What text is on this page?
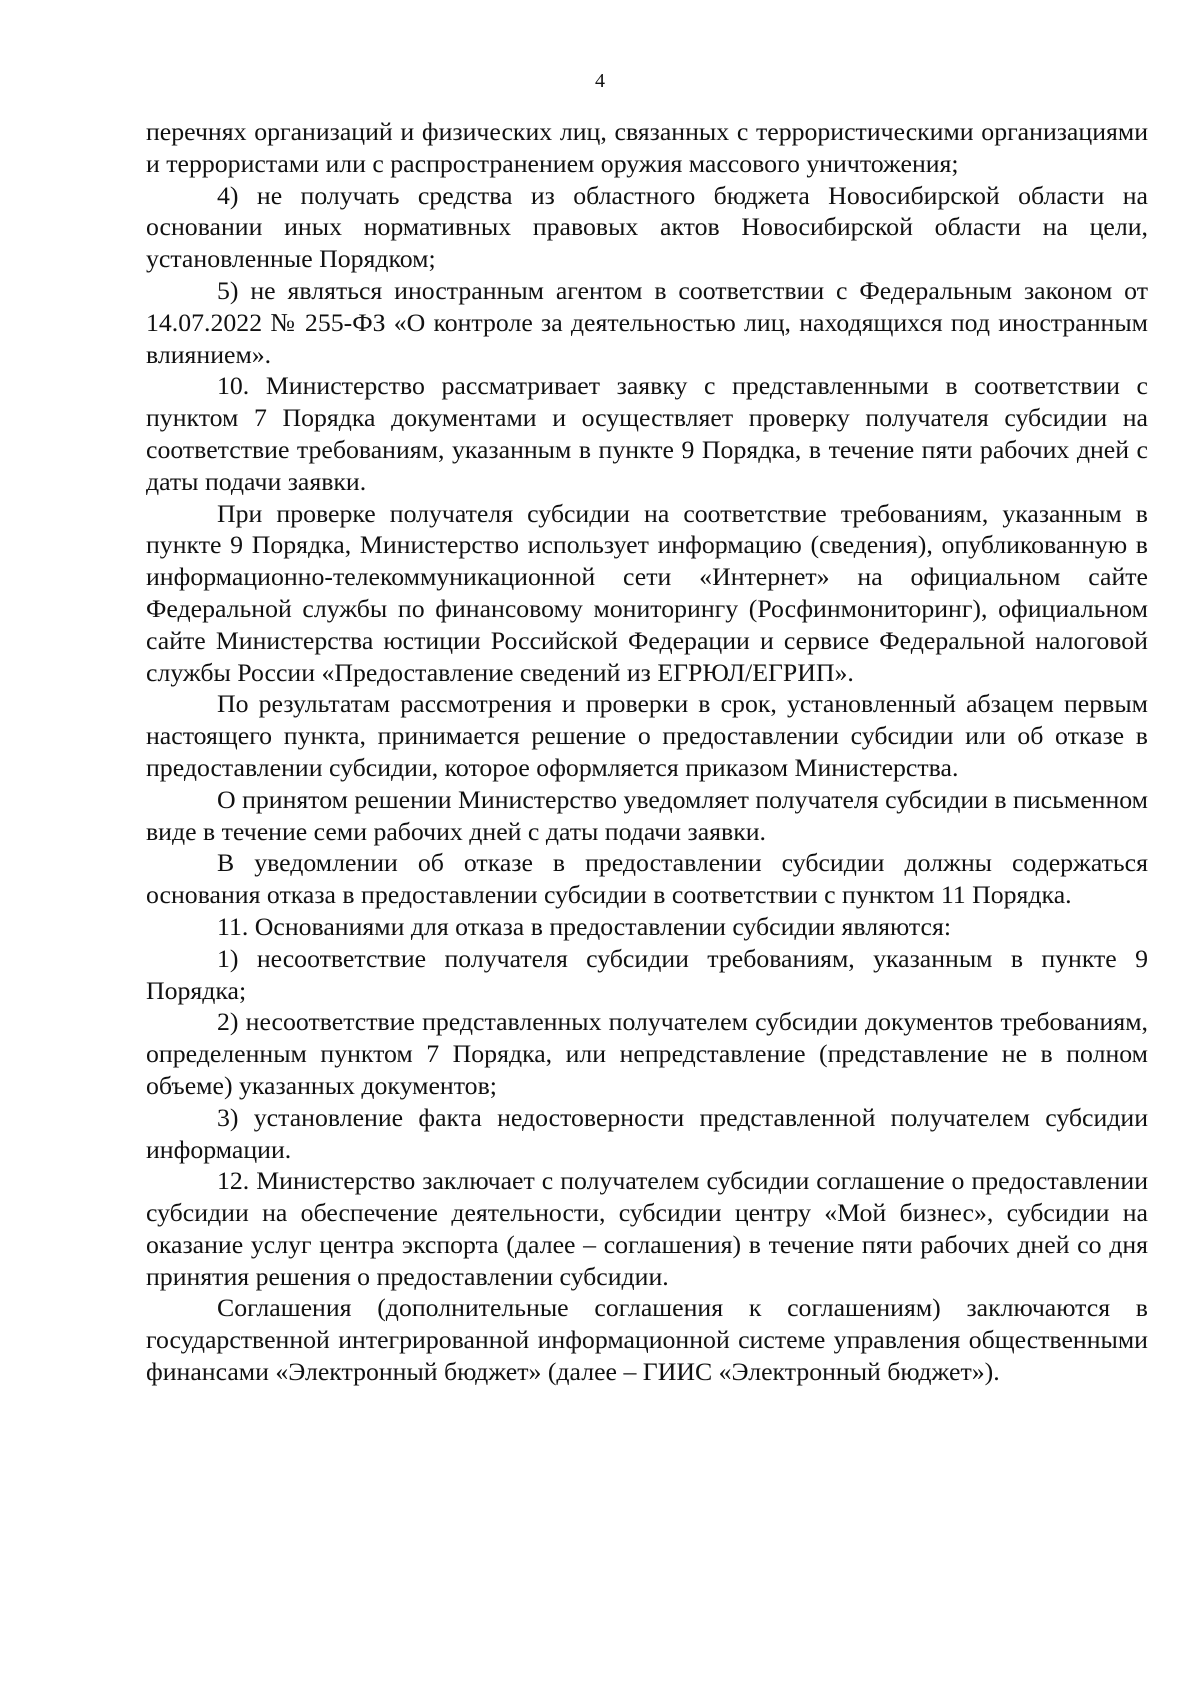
4

перечнях организаций и физических лиц, связанных с террористическими организациями и террористами или с распространением оружия массового уничтожения;

4) не получать средства из областного бюджета Новосибирской области на основании иных нормативных правовых актов Новосибирской области на цели, установленные Порядком;

5) не являться иностранным агентом в соответствии с Федеральным законом от 14.07.2022 № 255-ФЗ «О контроле за деятельностью лиц, находящихся под иностранным влиянием».

10. Министерство рассматривает заявку с представленными в соответствии с пунктом 7 Порядка документами и осуществляет проверку получателя субсидии на соответствие требованиям, указанным в пункте 9 Порядка, в течение пяти рабочих дней с даты подачи заявки.

При проверке получателя субсидии на соответствие требованиям, указанным в пункте 9 Порядка, Министерство использует информацию (сведения), опубликованную в информационно-телекоммуникационной сети «Интернет» на официальном сайте Федеральной службы по финансовому мониторингу (Росфинмониторинг), официальном сайте Министерства юстиции Российской Федерации и сервисе Федеральной налоговой службы России «Предоставление сведений из ЕГРЮЛ/ЕГРИП».

По результатам рассмотрения и проверки в срок, установленный абзацем первым настоящего пункта, принимается решение о предоставлении субсидии или об отказе в предоставлении субсидии, которое оформляется приказом Министерства.

О принятом решении Министерство уведомляет получателя субсидии в письменном виде в течение семи рабочих дней с даты подачи заявки.

В уведомлении об отказе в предоставлении субсидии должны содержаться основания отказа в предоставлении субсидии в соответствии с пунктом 11 Порядка.

11. Основаниями для отказа в предоставлении субсидии являются:

1) несоответствие получателя субсидии требованиям, указанным в пункте 9 Порядка;

2) несоответствие представленных получателем субсидии документов требованиям, определенным пунктом 7 Порядка, или непредставление (представление не в полном объеме) указанных документов;

3) установление факта недостоверности представленной получателем субсидии информации.

12. Министерство заключает с получателем субсидии соглашение о предоставлении субсидии на обеспечение деятельности, субсидии центру «Мой бизнес», субсидии на оказание услуг центра экспорта (далее – соглашения) в течение пяти рабочих дней со дня принятия решения о предоставлении субсидии.

Соглашения (дополнительные соглашения к соглашениям) заключаются в государственной интегрированной информационной системе управления общественными финансами «Электронный бюджет» (далее – ГИИС «Электронный бюджет»).
